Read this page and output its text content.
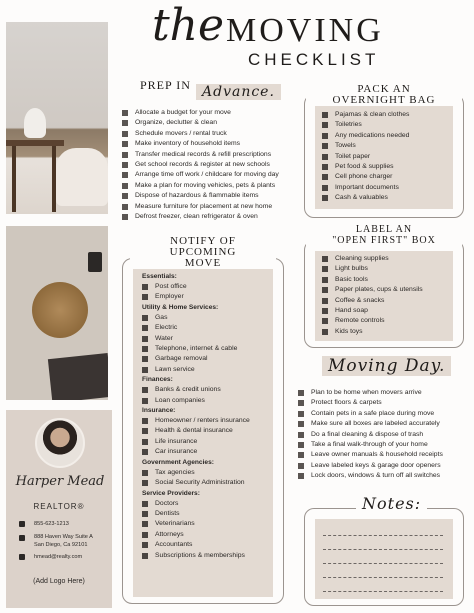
the MOVING
CHECKLIST
Harper Mead
REALTOR®
855-623-1213
888 Haven Way Suite A
San Diego, Ca 92101
hmead@realty.com
(Add Logo Here)
PREP IN Advance.
Allocate a budget for your move
Organize, declutter & clean
Schedule movers / rental truck
Make inventory of household items
Transfer medical records & refill prescriptions
Get school records & register at new schools
Arrange time off work / childcare for moving day
Make a plan for moving vehicles, pets & plants
Dispose of hazardous & flammable items
Measure furniture for placement at new home
Defrost freezer, clean refrigerator & oven
PACK AN
OVERNIGHT BAG
Pajamas & clean clothes
Toiletries
Any medications needed
Towels
Toilet paper
Pet food & supplies
Cell phone charger
Important documents
Cash & valuables
NOTIFY OF
UPCOMING
MOVE
Essentials:
Post office
Employer
Utility & Home Services:
Gas
Electric
Water
Telephone, internet & cable
Garbage removal
Lawn service
Finances:
Banks & credit unions
Loan companies
Insurance:
Homeowner / renters insurance
Health & dental insurance
Life insurance
Car insurance
Government Agencies:
Tax agencies
Social Security Administration
Service Providers:
Doctors
Dentists
Veterinarians
Attorneys
Accountants
Subscriptions & memberships
LABEL AN
"OPEN FIRST" BOX
Cleaning supplies
Light bulbs
Basic tools
Paper plates, cups & utensils
Coffee & snacks
Hand soap
Remote controls
Kids toys
Moving Day.
Plan to be home when movers arrive
Protect floors & carpets
Contain pets in a safe place during move
Make sure all boxes are labeled accurately
Do a final cleaning & dispose of trash
Take a final walk-through of your home
Leave owner manuals & household receipts
Leave labeled keys & garage door openers
Lock doors, windows & turn off all switches
Notes:
